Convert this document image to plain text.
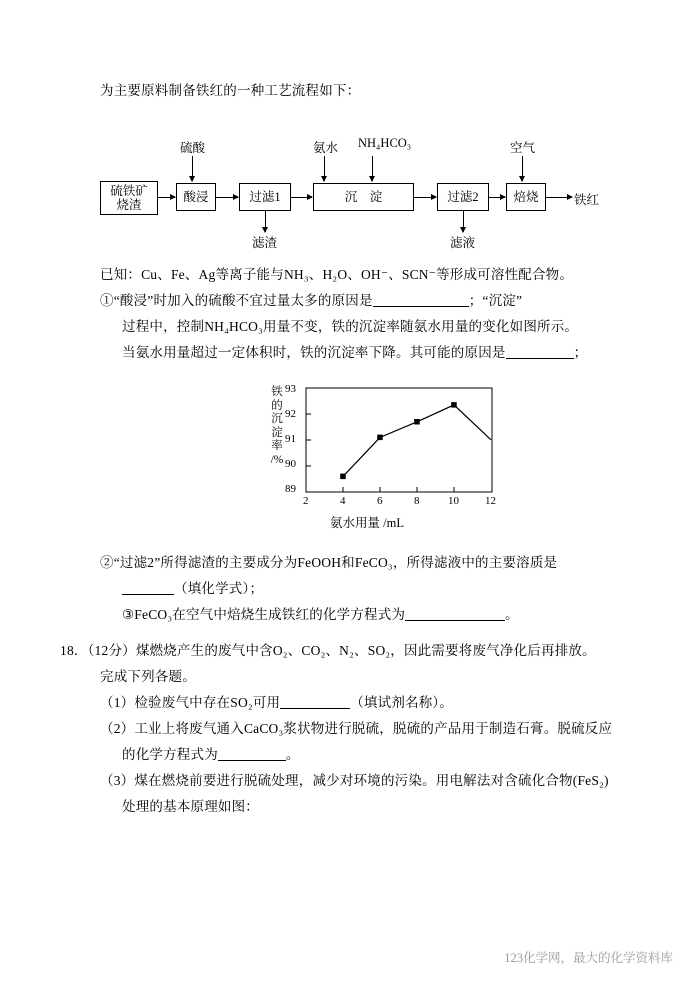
为主要原料制备铁红的一种工艺流程如下：
硫酸	氨水 NH₄HCO₃	空气
硫铁矿
烧渣
酸浸	过滤1	沉　淀	过滤2	焙烧	铁红
滤渣	滤液
已知：Cu、Fe、Ag等离子能与NH₃、H₂O、OH⁻、SCN⁻等形成可溶性配合物。
①“酸浸”时加入的硫酸不宜过量太多的原因是	；“沉淀”
过程中，控制NH₄HCO₃用量不变，铁的沉淀率随氨水用量的变化如图所示。
当氨水用量超过一定体积时，铁的沉淀率下降。其可能的原因是	；
铁
的
沉
淀
率
/%
93
92
91
90
89
2	4	6	8	10 12
氨水用量 /mL
②“过滤2”所得滤渣的主要成分为FeOOH和FeCO₃，所得滤液中的主要溶质是
（填化学式）；
③FeCO₃在空气中焙烧生成铁红的化学方程式为	。
18．（12分）煤燃烧产生的废气中含O₂、CO₂、N₂、SO₂，因此需要将废气净化后再排放。
完成下列各题。
（1）检验废气中存在SO₂可用	（填试剂名称）。
（2）工业上将废气通入CaCO₃浆状物进行脱硫，脱硫的产品用于制造石膏。脱硫反应
的化学方程式为	。
（3）煤在燃烧前要进行脱硫处理，减少对环境的污染。用电解法对含硫化合物(FeS₂)
处理的基本原理如图：
123化学网，最大的化学资料库
